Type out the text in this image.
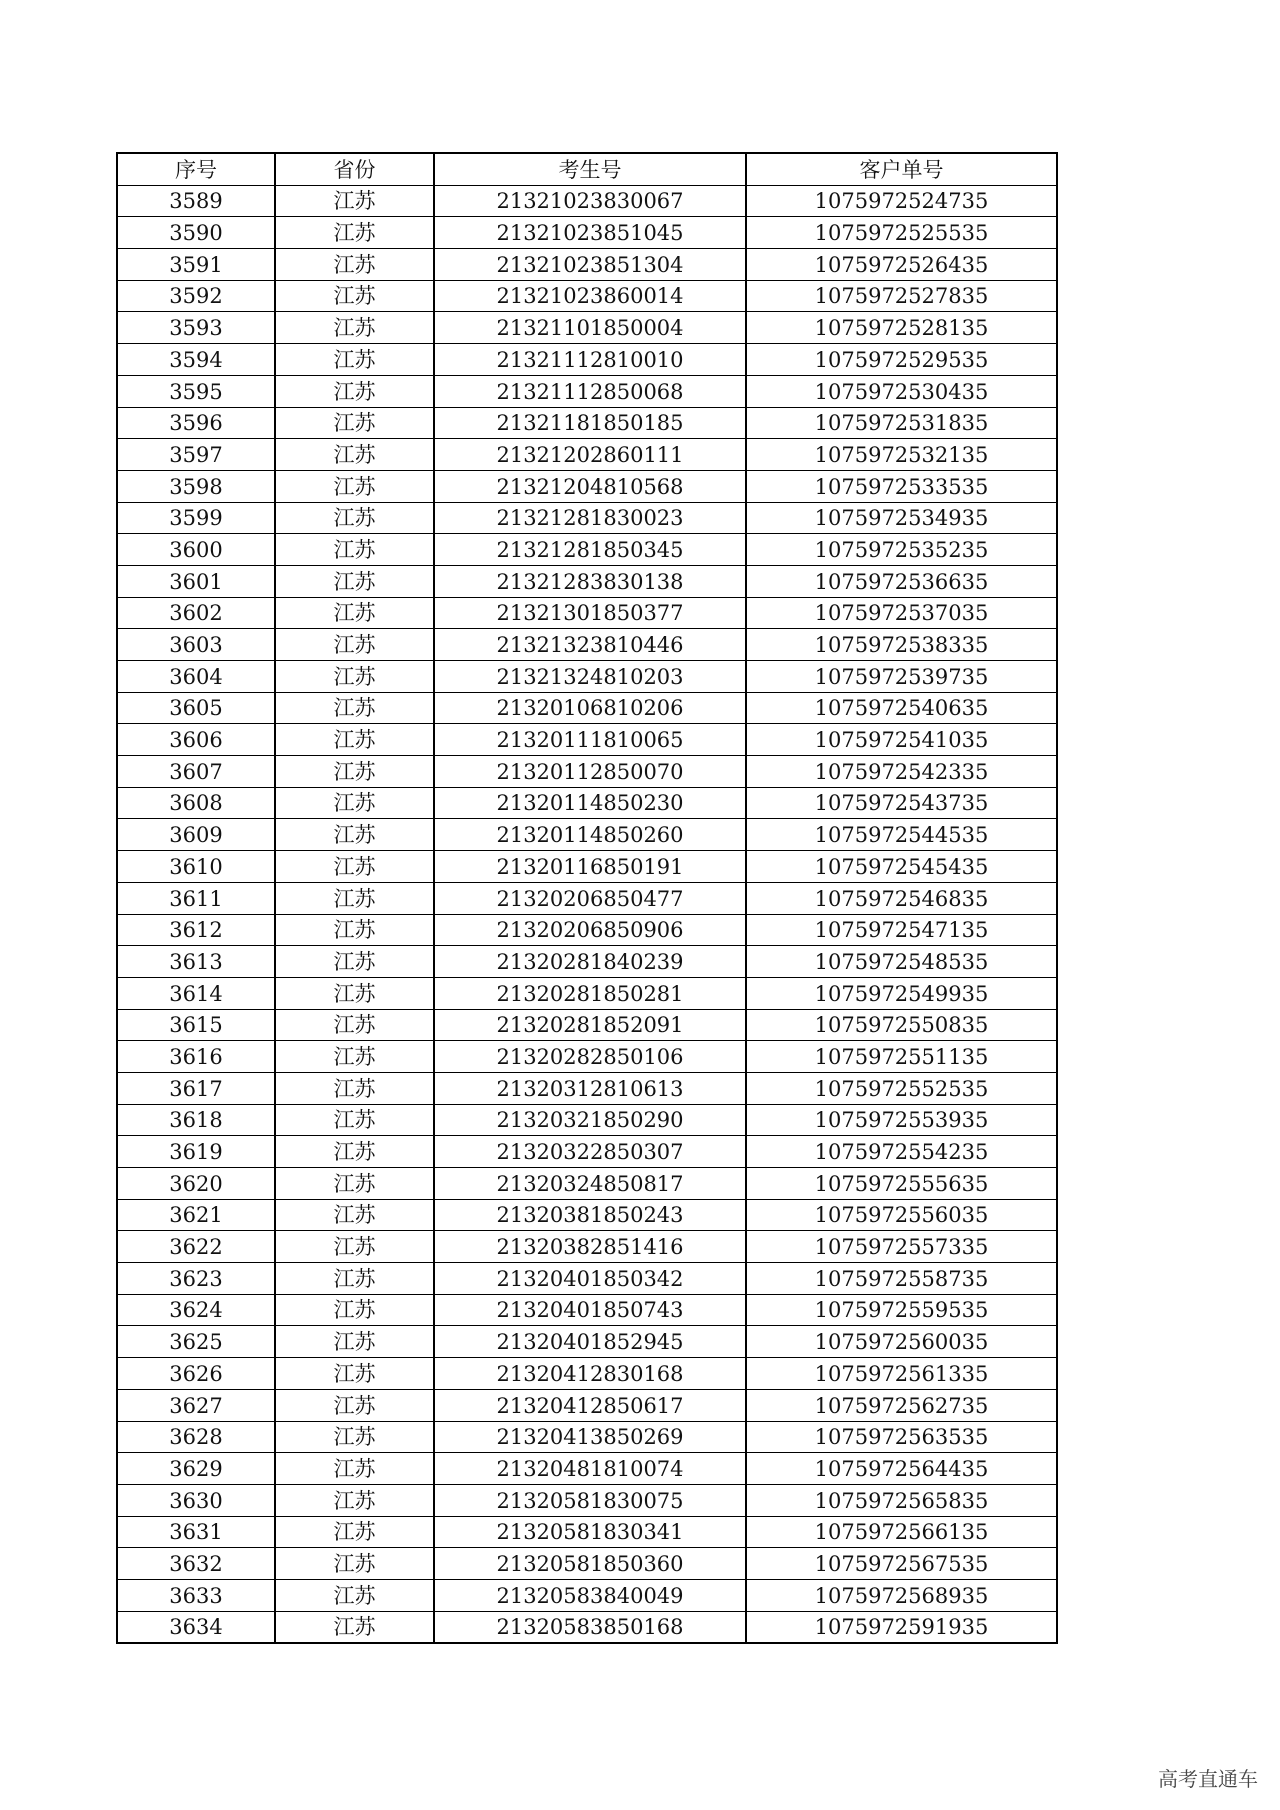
序号	省份	考生号	客户单号
3589	江苏	21321023830067	1075972524735
3590	江苏	21321023851045	1075972525535
3591	江苏	21321023851304	1075972526435
3592	江苏	21321023860014	1075972527835
3593	江苏	21321101850004	1075972528135
3594	江苏	21321112810010	1075972529535
3595	江苏	21321112850068	1075972530435
3596	江苏	21321181850185	1075972531835
3597	江苏	21321202860111	1075972532135
3598	江苏	21321204810568	1075972533535
3599	江苏	21321281830023	1075972534935
3600	江苏	21321281850345	1075972535235
3601	江苏	21321283830138	1075972536635
3602	江苏	21321301850377	1075972537035
3603	江苏	21321323810446	1075972538335
3604	江苏	21321324810203	1075972539735
3605	江苏	21320106810206	1075972540635
3606	江苏	21320111810065	1075972541035
3607	江苏	21320112850070	1075972542335
3608	江苏	21320114850230	1075972543735
3609	江苏	21320114850260	1075972544535
3610	江苏	21320116850191	1075972545435
3611	江苏	21320206850477	1075972546835
3612	江苏	21320206850906	1075972547135
3613	江苏	21320281840239	1075972548535
3614	江苏	21320281850281	1075972549935
3615	江苏	21320281852091	1075972550835
3616	江苏	21320282850106	1075972551135
3617	江苏	21320312810613	1075972552535
3618	江苏	21320321850290	1075972553935
3619	江苏	21320322850307	1075972554235
3620	江苏	21320324850817	1075972555635
3621	江苏	21320381850243	1075972556035
3622	江苏	21320382851416	1075972557335
3623	江苏	21320401850342	1075972558735
3624	江苏	21320401850743	1075972559535
3625	江苏	21320401852945	1075972560035
3626	江苏	21320412830168	1075972561335
3627	江苏	21320412850617	1075972562735
3628	江苏	21320413850269	1075972563535
3629	江苏	21320481810074	1075972564435
3630	江苏	21320581830075	1075972565835
3631	江苏	21320581830341	1075972566135
3632	江苏	21320581850360	1075972567535
3633	江苏	21320583840049	1075972568935
3634	江苏	21320583850168	1075972591935
高考直通车
